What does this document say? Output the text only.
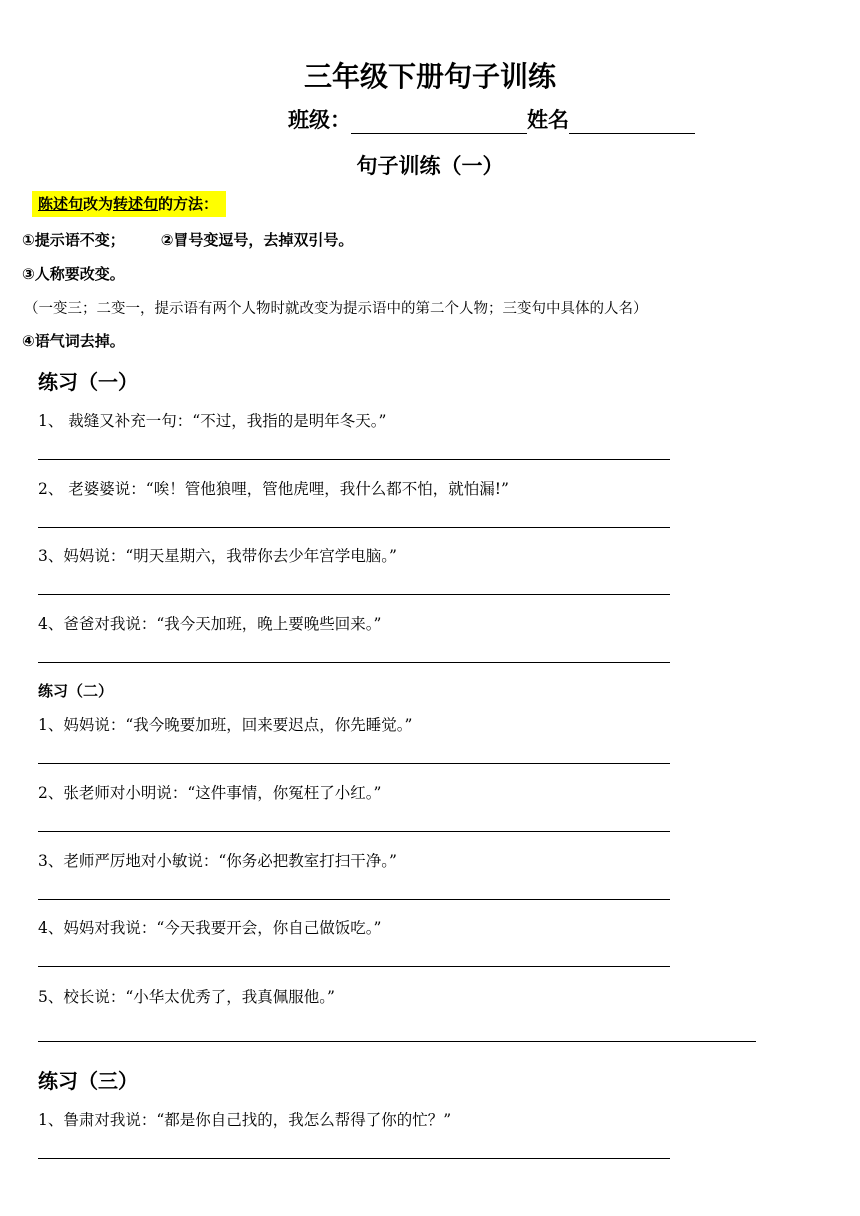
三年级下册句子训练
班级：	姓名
句子训练（一）
陈述句改为转述句的方法：
①提示语不变； ②冒号变逗号，去掉双引号。
③人称要改变。
（一变三；二变一，提示语有两个人物时就改变为提示语中的第二个人物；三变句中具体的人名）
④语气词去掉。
练习（一）
1、 裁缝又补充一句：“不过，我指的是明年冬天。”
2、 老婆婆说：“唉！管他狼哩，管他虎哩，我什么都不怕，就怕漏!”
3、妈妈说：“明天星期六，我带你去少年宫学电脑。”
4、爸爸对我说：“我今天加班，晚上要晚些回来。”
练习（二）
1、妈妈说：“我今晚要加班，回来要迟点，你先睡觉。”
2、张老师对小明说：“这件事情，你冤枉了小红。”
3、老师严厉地对小敏说：“你务必把教室打扫干净。”
4、妈妈对我说：“今天我要开会，你自己做饭吃。”
5、校长说：“小华太优秀了，我真佩服他。”
练习（三）
1、鲁肃对我说：“都是你自己找的，我怎么帮得了你的忙？”
